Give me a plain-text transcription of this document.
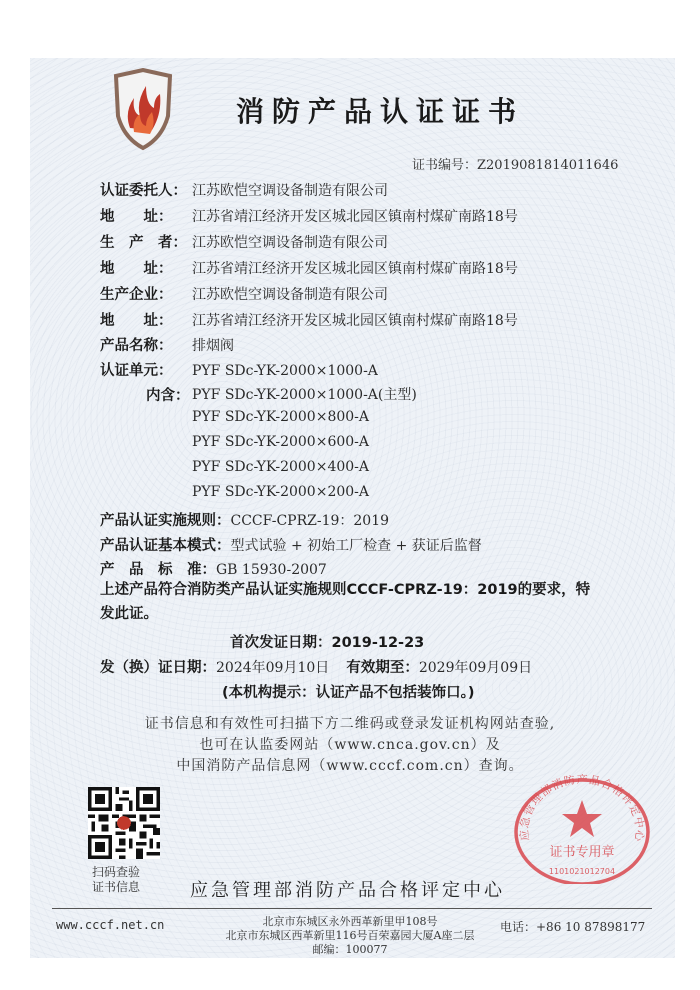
消防产品认证证书
证书编号：Z2019081814011646
认证委托人： 江苏欧恺空调设备制造有限公司
地　　址： 江苏省靖江经济开发区城北园区镇南村煤矿南路18号
生　产　者： 江苏欧恺空调设备制造有限公司
地　　址： 江苏省靖江经济开发区城北园区镇南村煤矿南路18号
生产企业： 江苏欧恺空调设备制造有限公司
地　　址： 江苏省靖江经济开发区城北园区镇南村煤矿南路18号
产品名称： 排烟阀
认证单元： PYF SDc-YK-2000×1000-A
内含： PYF SDc-YK-2000×1000-A(主型)
PYF SDc-YK-2000×800-A
PYF SDc-YK-2000×600-A
PYF SDc-YK-2000×400-A
PYF SDc-YK-2000×200-A
产品认证实施规则：CCCF-CPRZ-19：2019
产品认证基本模式：型式试验 + 初始工厂检查 + 获证后监督
产　品　标　准：GB 15930-2007
上述产品符合消防类产品认证实施规则CCCF-CPRZ-19：2019的要求，特发此证。
首次发证日期：2019-12-23
发（换）证日期：2024年09月10日 有效期至：2029年09月09日
(本机构提示：认证产品不包括装饰口。)
证书信息和有效性可扫描下方二维码或登录发证机构网站查验,
也可在认监委网站（www.cnca.gov.cn）及
中国消防产品信息网（www.cccf.com.cn）查询。
扫码查验
证书信息	应急管理部消防产品合格评定中心
应急管理部消防产品合格评定中心
证书专用章
1101021012704
www.cccf.net.cn	北京市东城区永外西革新里甲108号
北京市东城区西革新里116号百荣嘉园大厦A座二层
邮编：100077
电话：+86 10 87898177
